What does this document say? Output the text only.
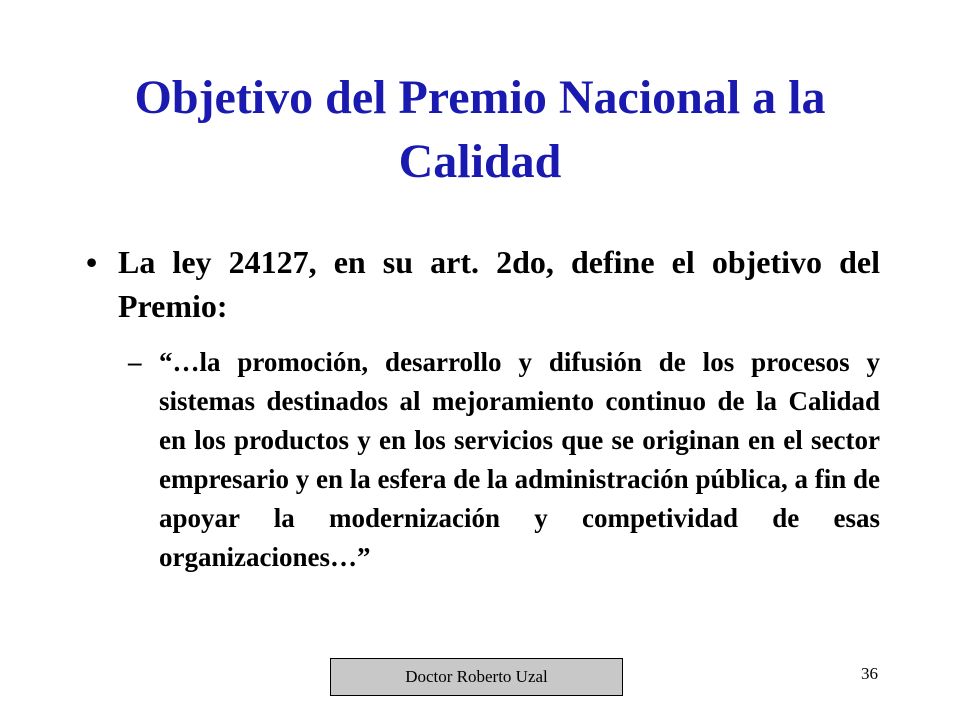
Objetivo del Premio Nacional a la Calidad
• La ley 24127, en su art. 2do, define el objetivo del Premio:
– “…la promoción, desarrollo y difusión de los procesos y sistemas destinados al mejoramiento continuo de la Calidad en los productos y en los servicios que se originan en el sector empresario y en la esfera de la administración pública, a fin de apoyar la modernización y competividad de esas organizaciones…”
Doctor Roberto Uzal	36
